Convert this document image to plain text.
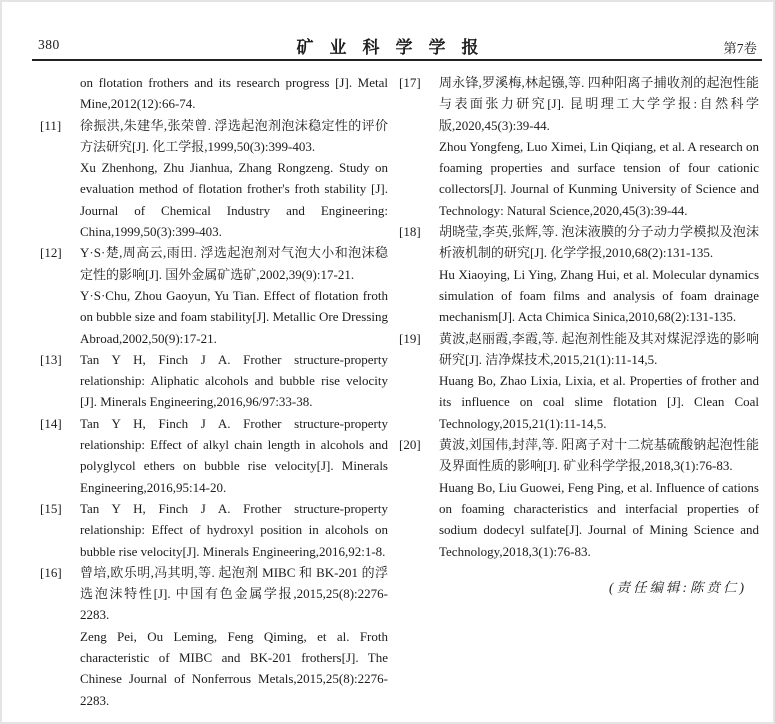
380	矿业科学学报	第7卷

on flotation frothers and its research progress [J]. Metal Mine,2012(12):66-74.

[11]	徐振洪,朱建华,张荣曾. 浮选起泡剂泡沫稳定性的评价方法研究[J]. 化工学报,1999,50(3):399-403.

Xu Zhenhong, Zhu Jianhua, Zhang Rongzeng. Study on evaluation method of flotation frother's froth stability [J]. Journal of Chemical Industry and Engineering: China,1999,50(3):399-403.

[12]	Y·S·楚,周高云,雨田. 浮选起泡剂对气泡大小和泡沫稳定性的影响[J]. 国外金属矿选矿,2002,39(9):17-21.

Y·S·Chu, Zhou Gaoyun, Yu Tian. Effect of flotation froth on bubble size and foam stability[J]. Metallic Ore Dressing Abroad,2002,50(9):17-21.

[13]	Tan Y H, Finch J A. Frother structure-property relationship: Aliphatic alcohols and bubble rise velocity [J]. Minerals Engineering,2016,96/97:33-38.

[14]	Tan Y H, Finch J A. Frother structure-property relationship: Effect of alkyl chain length in alcohols and polyglycol ethers on bubble rise velocity[J]. Minerals Engineering,2016,95:14-20.

[15]	Tan Y H, Finch J A. Frother structure-property relationship: Effect of hydroxyl position in alcohols on bubble rise velocity[J]. Minerals Engineering,2016,92:1-8.

[16]	曾培,欧乐明,冯其明,等. 起泡剂 MIBC 和 BK-201 的浮选泡沫特性[J]. 中国有色金属学报,2015,25(8):2276-2283.

Zeng Pei, Ou Leming, Feng Qiming, et al. Froth characteristic of MIBC and BK-201 frothers[J]. The Chinese Journal of Nonferrous Metals,2015,25(8):2276-2283.

[17]	周永锋,罗溪梅,林起镪,等. 四种阳离子捕收剂的起泡性能与表面张力研究[J]. 昆明理工大学学报:自然科学版,2020,45(3):39-44.

Zhou Yongfeng, Luo Ximei, Lin Qiqiang, et al. A research on foaming properties and surface tension of four cationic collectors[J]. Journal of Kunming University of Science and Technology: Natural Science,2020,45(3):39-44.

[18]	胡晓莹,李英,张辉,等. 泡沫液膜的分子动力学模拟及泡沫析液机制的研究[J]. 化学学报,2010,68(2):131-135.

Hu Xiaoying, Li Ying, Zhang Hui, et al. Molecular dynamics simulation of foam films and analysis of foam drainage mechanism[J]. Acta Chimica Sinica,2010,68(2):131-135.

[19]	黄波,赵丽霞,李霞,等. 起泡剂性能及其对煤泥浮选的影响研究[J]. 洁净煤技术,2015,21(1):11-14,5.

Huang Bo, Zhao Lixia, Lixia, et al. Properties of frother and its influence on coal slime flotation [J]. Clean Coal Technology,2015,21(1):11-14,5.

[20]	黄波,刘国伟,封萍,等. 阳离子对十二烷基硫酸钠起泡性能及界面性质的影响[J]. 矿业科学学报,2018,3(1):76-83.

Huang Bo, Liu Guowei, Feng Ping, et al. Influence of cations on foaming characteristics and interfacial properties of sodium dodecyl sulfate[J]. Journal of Mining Science and Technology,2018,3(1):76-83.

(责任编辑:陈贲仁)
